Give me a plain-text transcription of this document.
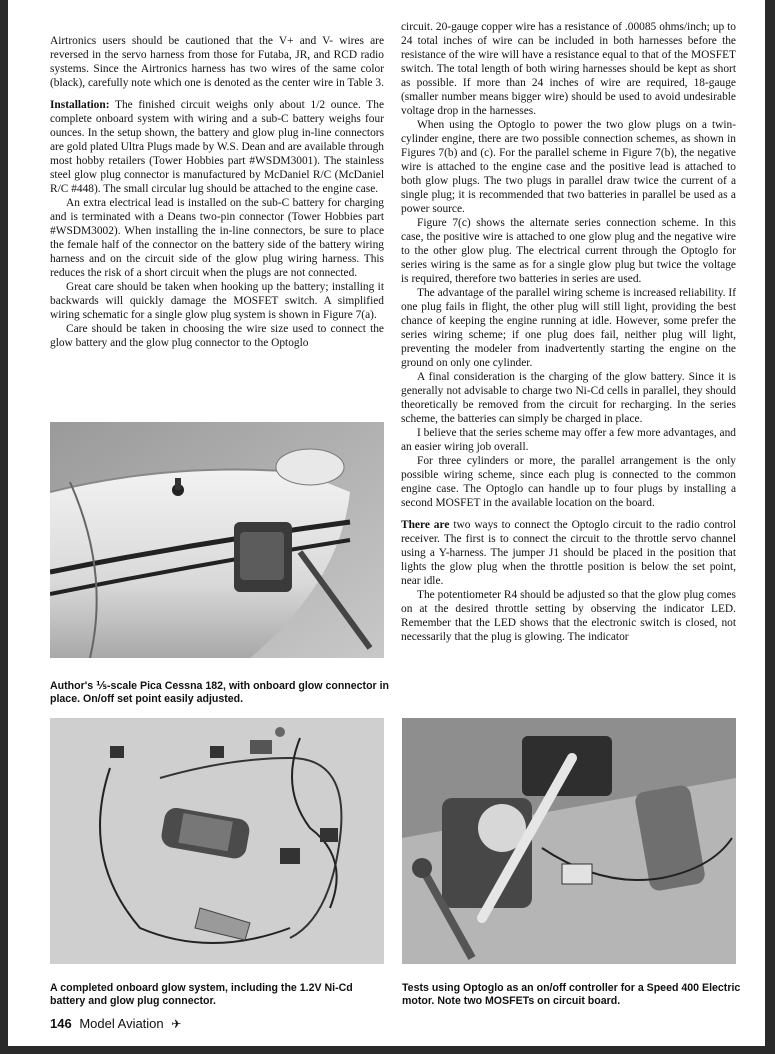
Airtronics users should be cautioned that the V+ and V- wires are reversed in the servo harness from those for Futaba, JR, and RCD radio systems. Since the Airtronics harness has two wires of the same color (black), carefully note which one is denoted as the center wire in Table 3.

Installation: The finished circuit weighs only about 1/2 ounce. The complete onboard system with wiring and a sub-C battery weighs four ounces. In the setup shown, the battery and glow plug in-line connectors are gold plated Ultra Plugs made by W.S. Dean and are available through most hobby retailers (Tower Hobbies part #WSDM3001). The stainless steel glow plug connector is manufactured by McDaniel R/C (McDaniel R/C #448). The small circular lug should be attached to the engine case.

An extra electrical lead is installed on the sub-C battery for charging and is terminated with a Deans two-pin connector (Tower Hobbies part #WSDM3002). When installing the in-line connectors, be sure to place the female half of the connector on the battery side of the battery wiring harness and on the circuit side of the glow plug wiring harness. This reduces the risk of a short circuit when the plugs are not connected.

Great care should be taken when hooking up the battery; installing it backwards will quickly damage the MOSFET switch. A simplified wiring schematic for a single glow plug system is shown in Figure 7(a).

Care should be taken in choosing the wire size used to connect the glow battery and the glow plug connector to the Optoglo

circuit. 20-gauge copper wire has a resistance of .00085 ohms/inch; up to 24 total inches of wire can be included in both harnesses before the resistance of the wire will have a resistance equal to that of the MOSFET switch. The total length of both wiring harnesses should be kept as short as possible. If more than 24 inches of wire are required, 18-gauge (smaller number means bigger wire) should be used to avoid undesirable voltage drop in the harnesses.

When using the Optoglo to power the two glow plugs on a twin-cylinder engine, there are two possible connection schemes, as shown in Figures 7(b) and (c). For the parallel scheme in Figure 7(b), the negative wire is attached to the engine case and the positive lead is attached to both glow plugs. The two plugs in parallel draw twice the current of a single plug; it is recommended that two batteries in parallel be used as a power source.

Figure 7(c) shows the alternate series connection scheme. In this case, the positive wire is attached to one glow plug and the negative wire to the other glow plug. The electrical current through the Optoglo for series wiring is the same as for a single glow plug but twice the voltage is required, therefore two batteries in series are used.

The advantage of the parallel wiring scheme is increased reliability. If one plug fails in flight, the other plug will still light, providing the best chance of keeping the engine running at idle. However, some prefer the series wiring scheme; if one plug does fail, neither plug will light, preventing the modeler from inadvertently starting the engine on the ground on only one cylinder.

A final consideration is the charging of the glow battery. Since it is generally not advisable to charge two Ni-Cd cells in parallel, they should theoretically be removed from the circuit for recharging. In the series scheme, the batteries can simply be charged in place.

I believe that the series scheme may offer a few more advantages, and an easier wiring job overall.

For three cylinders or more, the parallel arrangement is the only possible wiring scheme, since each plug is connected to the common engine case. The Optoglo can handle up to four plugs by installing a second MOSFET in the available location on the board.

There are two ways to connect the Optoglo circuit to the radio control receiver. The first is to connect the circuit to the throttle servo channel using a Y-harness. The jumper J1 should be placed in the position that lights the glow plug when the throttle position is below the set point, near idle.

The potentiometer R4 should be adjusted so that the glow plug comes on at the desired throttle setting by observing the indicator LED. Remember that the LED shows that the electronic switch is closed, not necessarily that the plug is glowing. The indicator

Author's ⅕-scale Pica Cessna 182, with onboard glow connector in place. On/off set point easily adjusted.
A completed onboard glow system, including the 1.2V Ni-Cd battery and glow plug connector.
Tests using Optoglo as an on/off controller for a Speed 400 Electric motor. Note two MOSFETs on circuit board.
146 Model Aviation ✈
